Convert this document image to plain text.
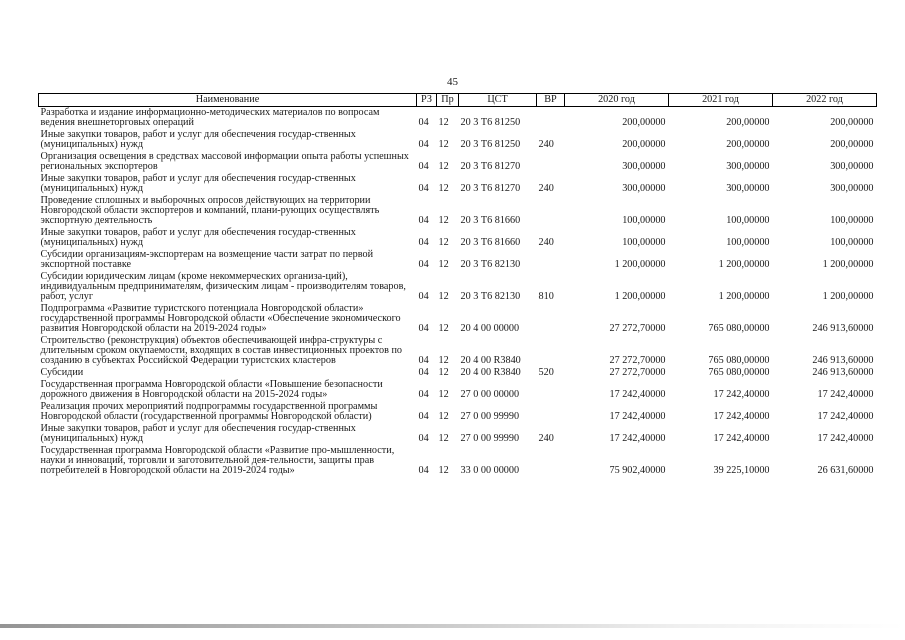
45
Наименование	РЗ	Пр	ЦСТ	ВР	2020 год	2021 год	2022 год
Разработка и издание информационно-методических материалов по вопросам ведения внешнеторговых операций	04	12	20 3 Т6 81250		200,00000	200,00000	200,00000
Иные закупки товаров, работ и услуг для обеспечения государ-ственных (муниципальных) нужд	04	12	20 3 Т6 81250	240	200,00000	200,00000	200,00000
Организация освещения в средствах массовой информации опыта работы успешных региональных экспортеров	04	12	20 3 Т6 81270		300,00000	300,00000	300,00000
Иные закупки товаров, работ и услуг для обеспечения государ-ственных (муниципальных) нужд	04	12	20 3 Т6 81270	240	300,00000	300,00000	300,00000
Проведение сплошных и выборочных опросов действующих на территории Новгородской области экспортеров и компаний, плани-рующих осуществлять экспортную деятельность	04	12	20 3 Т6 81660		100,00000	100,00000	100,00000
Иные закупки товаров, работ и услуг для обеспечения государ-ственных (муниципальных) нужд	04	12	20 3 Т6 81660	240	100,00000	100,00000	100,00000
Субсидии организациям-экспортерам на возмещение части затрат по первой экспортной поставке	04	12	20 3 Т6 82130		1 200,00000	1 200,00000	1 200,00000
Субсидии юридическим лицам (кроме некоммерческих организа-ций), индивидуальным предпринимателям, физическим лицам - производителям товаров, работ, услуг	04	12	20 3 Т6 82130	810	1 200,00000	1 200,00000	1 200,00000
Подпрограмма «Развитие туристского потенциала Новгородской области» государственной программы Новгородской области «Обеспечение экономического развития Новгородской области на 2019-2024 годы»	04	12	20 4 00 00000		27 272,70000	765 080,00000	246 913,60000
Строительство (реконструкция) объектов обеспечивающей инфра-структуры с длительным сроком окупаемости, входящих в состав инвестиционных проектов по созданию в субъектах Российской Федерации туристских кластеров	04	12	20 4 00 R3840		27 272,70000	765 080,00000	246 913,60000
Субсидии	04	12	20 4 00 R3840	520	27 272,70000	765 080,00000	246 913,60000
Государственная программа Новгородской области «Повышение безопасности дорожного движения в Новгородской области на 2015-2024 годы»	04	12	27 0 00 00000		17 242,40000	17 242,40000	17 242,40000
Реализация прочих мероприятий подпрограммы государственной программы Новгородской области (государственной программы Новгородской области)	04	12	27 0 00 99990		17 242,40000	17 242,40000	17 242,40000
Иные закупки товаров, работ и услуг для обеспечения государ-ственных (муниципальных) нужд	04	12	27 0 00 99990	240	17 242,40000	17 242,40000	17 242,40000
Государственная программа Новгородской области «Развитие про-мышленности, науки и инноваций, торговли и заготовительной дея-тельности, защиты прав потребителей в Новгородской области на 2019-2024 годы»	04	12	33 0 00 00000		75 902,40000	39 225,10000	26 631,60000
